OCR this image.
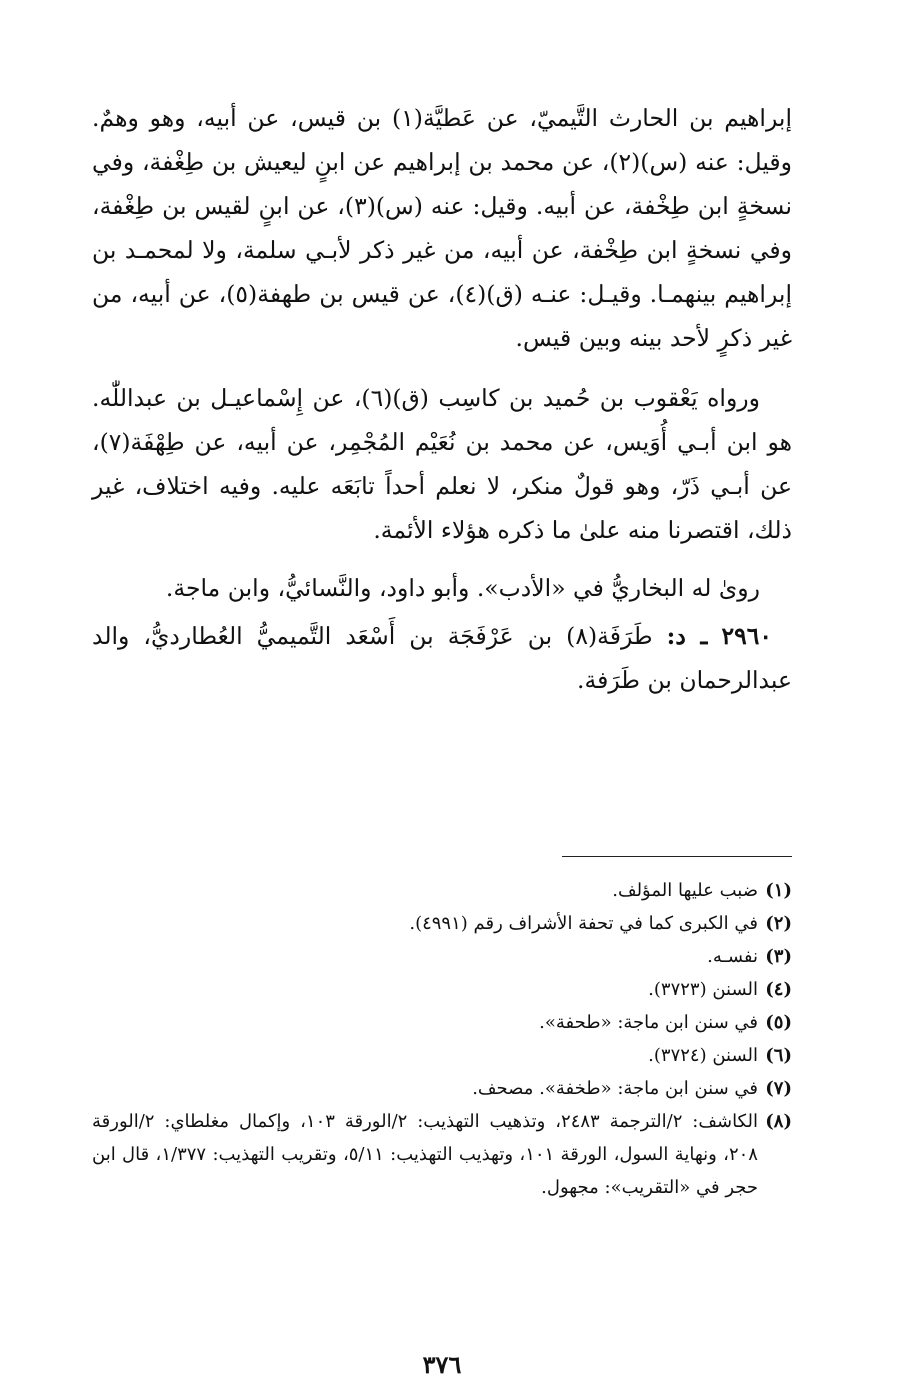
إبراهيم بن الحارث التَّيميّ، عن عَطيَّة(١) بن قيس، عن أبيه، وهو وهمٌ. وقيل: عنه (س)(٢)، عن محمد بن إبراهيم عن ابنٍ ليعيش بن طِغْفة، وفي نسخةٍ ابن طِخْفة، عن أبيه. وقيل: عنه (س)(٣)، عن ابنٍ لقيس بن طِغْفة، وفي نسخةٍ ابن طِخْفة، عن أبيه، من غير ذكر لأبـي سلمة، ولا لمحمـد بن إبراهيم بينهمـا. وقيـل: عنـه (ق)(٤)، عن قيس بن طهفة(٥)، عن أبيه، من غير ذكرٍ لأحد بينه وبين قيس.

ورواه يَعْقوب بن حُميد بن كاسِب (ق)(٦)، عن إِسْماعيـل بن عبداللّٰه. هو ابن أبـي أُوَيس، عن محمد بن نُعَيْم المُجْمِر، عن أبيه، عن طِهْفَة(٧)، عن أبـي ذَرّ، وهو قولٌ منكر، لا نعلم أحداً تابَعَه عليه. وفيه اختلاف، غير ذلك، اقتصرنا منه علىٰ ما ذكره هؤلاء الأئمة.

رویٰ له البخاريُّ في «الأدب». وأبو داود، والنَّسائيُّ، وابن ماجة.

٢٩٦٠ ـ د: طَرَفَة(٨) بن عَرْفَجَة بن أَسْعَد التَّميميُّ العُطارديُّ، والد عبدالرحمان بن طَرَفة.

(١)
ضبب عليها المؤلف.
(٢)
في الكبرى كما في تحفة الأشراف رقم (٤٩٩١).
(٣)
نفسـه.
(٤)
السنن (٣٧٢٣).
(٥)
في سنن ابن ماجة: «طحفة».
(٦)
السنن (٣٧٢٤).
(٧)
في سنن ابن ماجة: «طخفة». مصحف.
(٨)
الكاشف: ٢/الترجمة ٢٤٨٣، وتذهيب التهذيب: ٢/الورقة ١٠٣، وإكمال مغلطاي: ٢/الورقة ٢٠٨، ونهاية السول، الورقة ١٠١، وتهذيب التهذيب: ٥/١١، وتقريب التهذيب: ١/٣٧٧، قال ابن حجر في «التقريب»: مجهول.
٣٧٦
